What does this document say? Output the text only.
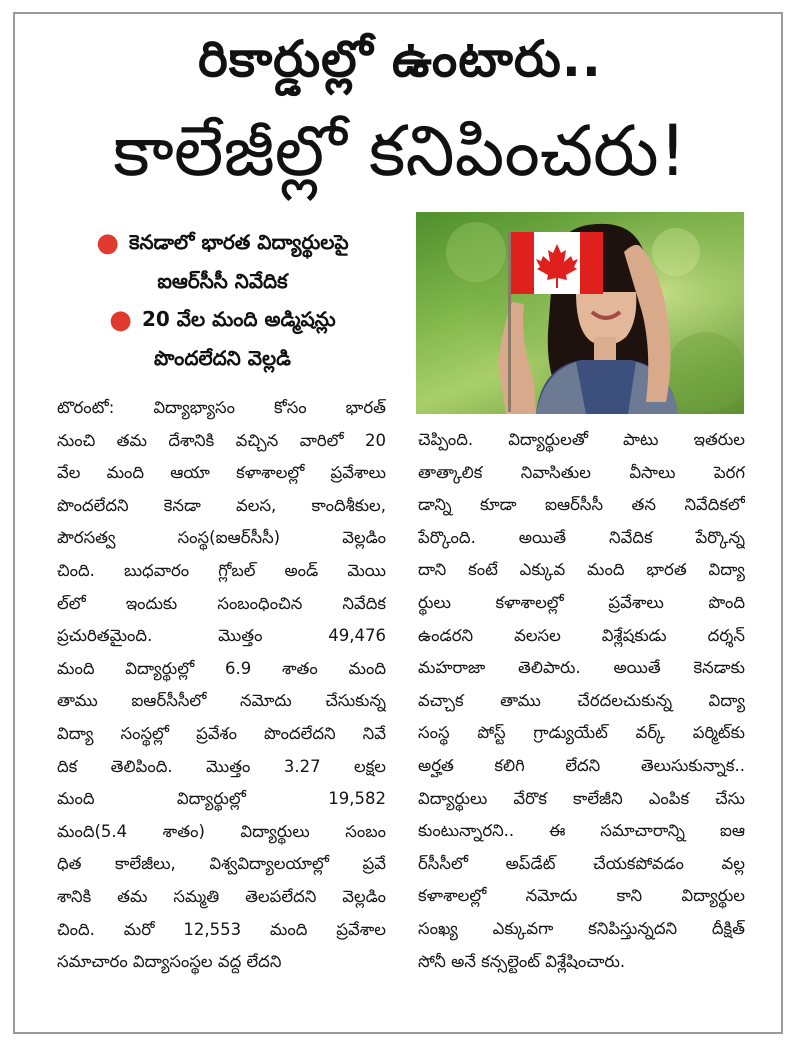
రికార్డుల్లో ఉంటారు..
కాలేజీల్లో కనిపించరు!
● కెనడాలో భారత విద్యార్థులపై
ఐఆర్‌సీసీ నివేదిక
● 20 వేల మంది అడ్మిషన్లు
పొందలేదని వెల్లడి
టొరంటో: విద్యాభ్యాసం కోసం భారత్
నుంచి తమ దేశానికి వచ్చిన వారిలో 20
వేల మంది ఆయా కళాశాలల్లో ప్రవేశాలు
పొందలేదని కెనడా వలస, కాందిశీకుల,
పౌరసత్వ సంస్థ(ఐఆర్‌సీసీ) వెల్లడిం
చింది. బుధవారం గ్లోబల్ అండ్ మెయి
ల్‌లో ఇందుకు సంబంధించిన నివేదిక
ప్రచురితమైంది. మొత్తం 49,476
మంది విద్యార్థుల్లో 6.9 శాతం మంది
తాము ఐఆర్‌సీసీలో నమోదు చేసుకున్న
విద్యా సంస్థల్లో ప్రవేశం పొందలేదని నివే
దిక తెలిపింది. మొత్తం 3.27 లక్షల
మంది విద్యార్థుల్లో 19,582
మంది(5.4 శాతం) విద్యార్థులు సంబం
ధిత కాలేజీలు, విశ్వవిద్యాలయాల్లో ప్రవే
శానికి తమ సమ్మతి తెలపలేదని వెల్లడిం
చింది. మరో 12,553 మంది ప్రవేశాల
సమాచారం విద్యాసంస్థల వద్ద లేదని
చెప్పింది. విద్యార్థులతో పాటు ఇతరుల
తాత్కాలిక నివాసితుల వీసాలు పెరగ
డాన్ని కూడా ఐఆర్‌సీసీ తన నివేదికలో
పేర్కొంది. అయితే నివేదిక పేర్కొన్న
దాని కంటే ఎక్కువ మంది భారత విద్యా
ర్థులు కళాశాలల్లో ప్రవేశాలు పొంది
ఉండరని వలసల విశ్లేషకుడు దర్శన్
మహరాజా తెలిపారు. అయితే కెనడాకు
వచ్చాక తాము చేరదలచుకున్న విద్యా
సంస్థ పోస్ట్ గ్రాడ్యుయేట్ వర్క్ పర్మిట్‌కు
అర్హత కలిగి లేదని తెలుసుకున్నాక..
విద్యార్థులు వేరొక కాలేజీని ఎంపిక చేసు
కుంటున్నారని.. ఈ సమాచారాన్ని ఐఆ
ర్‌సీసీలో అప్‌డేట్ చేయకపోవడం వల్ల
కళాశాలల్లో నమోదు కాని విద్యార్థుల
సంఖ్య ఎక్కువగా కనిపిస్తున్నదని దీక్షిత్
సోనీ అనే కన్సల్టెంట్ విశ్లేషించారు.
